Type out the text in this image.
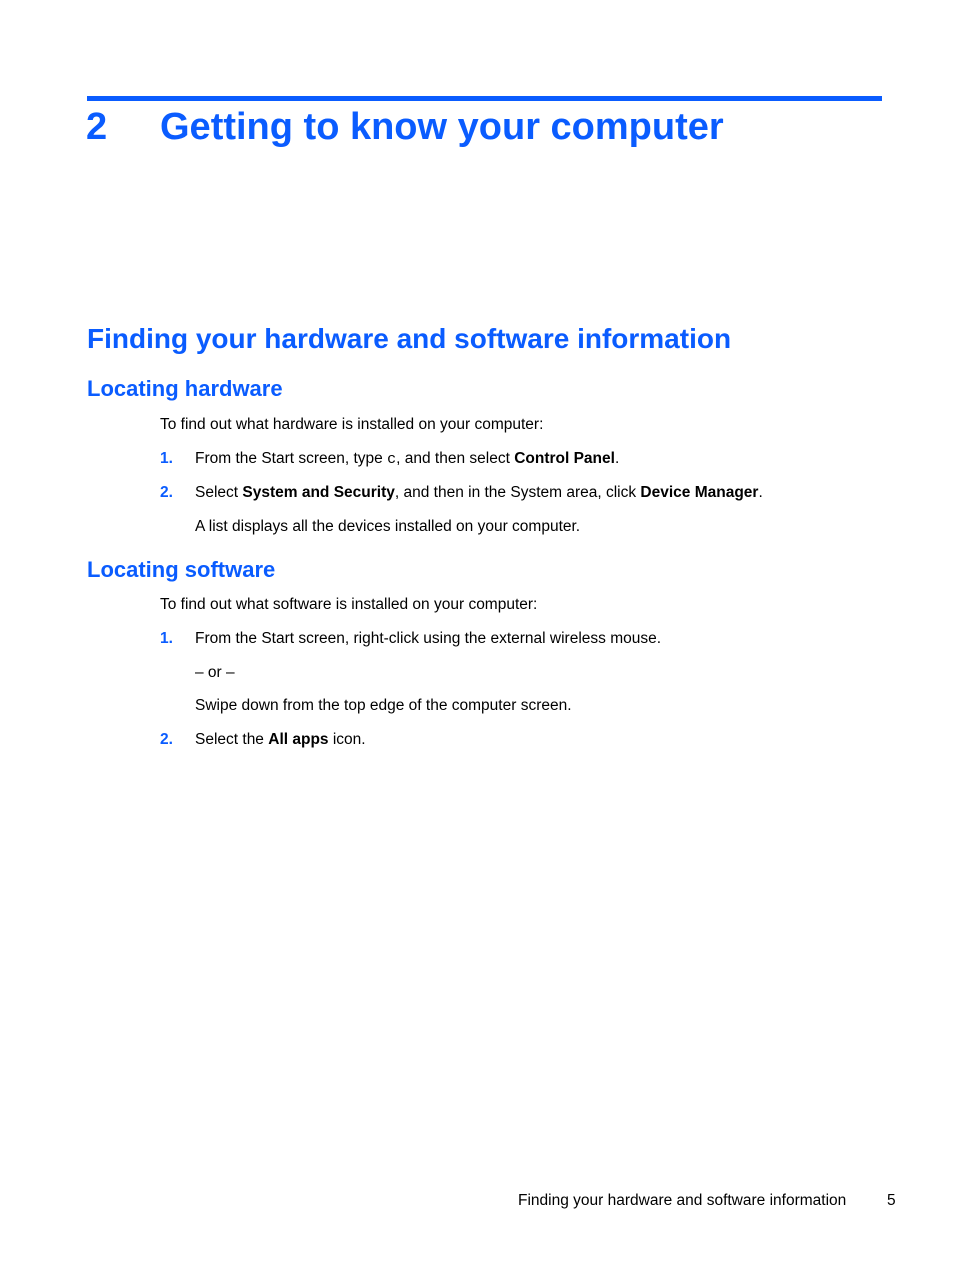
2 Getting to know your computer
Finding your hardware and software information
Locating hardware
To find out what hardware is installed on your computer:
1. From the Start screen, type c, and then select Control Panel.
2. Select System and Security, and then in the System area, click Device Manager.
A list displays all the devices installed on your computer.
Locating software
To find out what software is installed on your computer:
1. From the Start screen, right-click using the external wireless mouse.
– or –
Swipe down from the top edge of the computer screen.
2. Select the All apps icon.
Finding your hardware and software information	5
